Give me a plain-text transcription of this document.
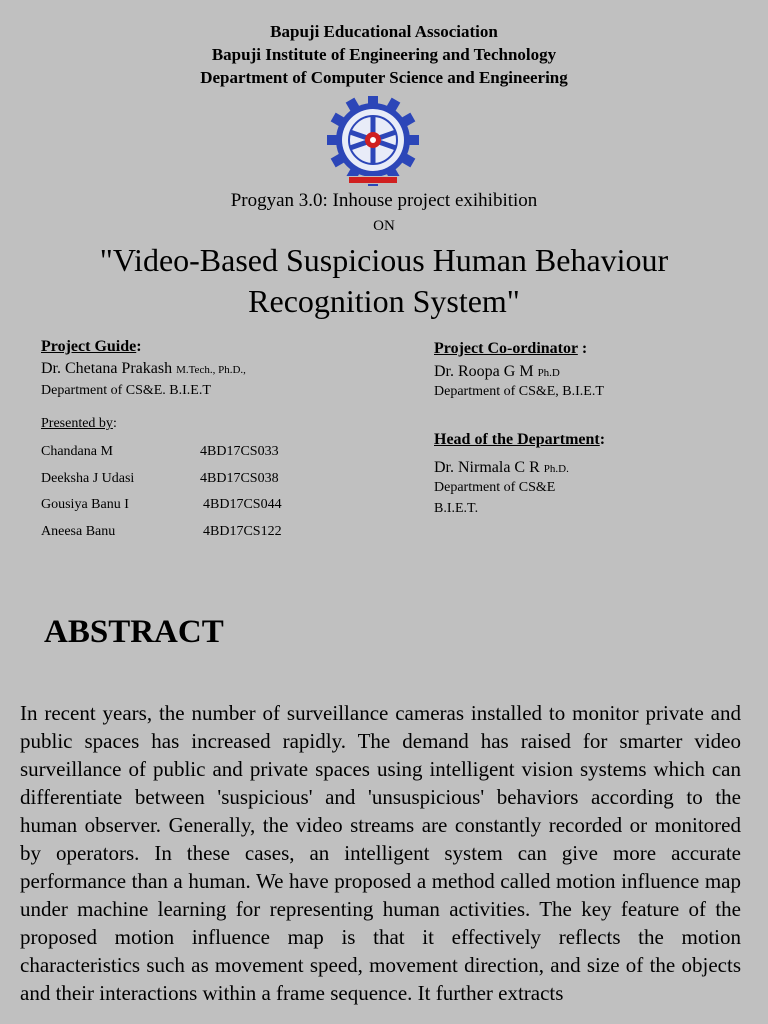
Bapuji Educational Association
Bapuji Institute of Engineering and Technology
Department of Computer Science and Engineering
Progyan 3.0: Inhouse project exihibition
ON
"Video-Based Suspicious Human Behaviour
Recognition System"
Project Guide:
Dr. Chetana Prakash M.Tech., Ph.D.,
Department of CS&E. B.I.E.T
Presented by:
Chandana M	4BD17CS033
Deeksha J Udasi	4BD17CS038
Gousiya Banu I	4BD17CS044
Aneesa Banu	4BD17CS122
Project Co-ordinator :
Dr. Roopa G M Ph.D
Department of CS&E, B.I.E.T
Head of the Department:
Dr. Nirmala C R Ph.D.
Department of CS&E
B.I.E.T.
ABSTRACT
In recent years, the number of surveillance cameras installed to monitor private and public spaces has increased rapidly. The demand has raised for smarter video surveillance of public and private spaces using intelligent vision systems which can differentiate between 'suspicious' and 'unsuspicious' behaviors according to the human observer. Generally, the video streams are constantly recorded or monitored by operators. In these cases, an intelligent system can give more accurate performance than a human. We have proposed a method called motion influence map under machine learning for representing human activities. The key feature of the proposed motion influence map is that it effectively reflects the motion characteristics such as movement speed, movement direction, and size of the objects and their interactions within a frame sequence. It further extracts
